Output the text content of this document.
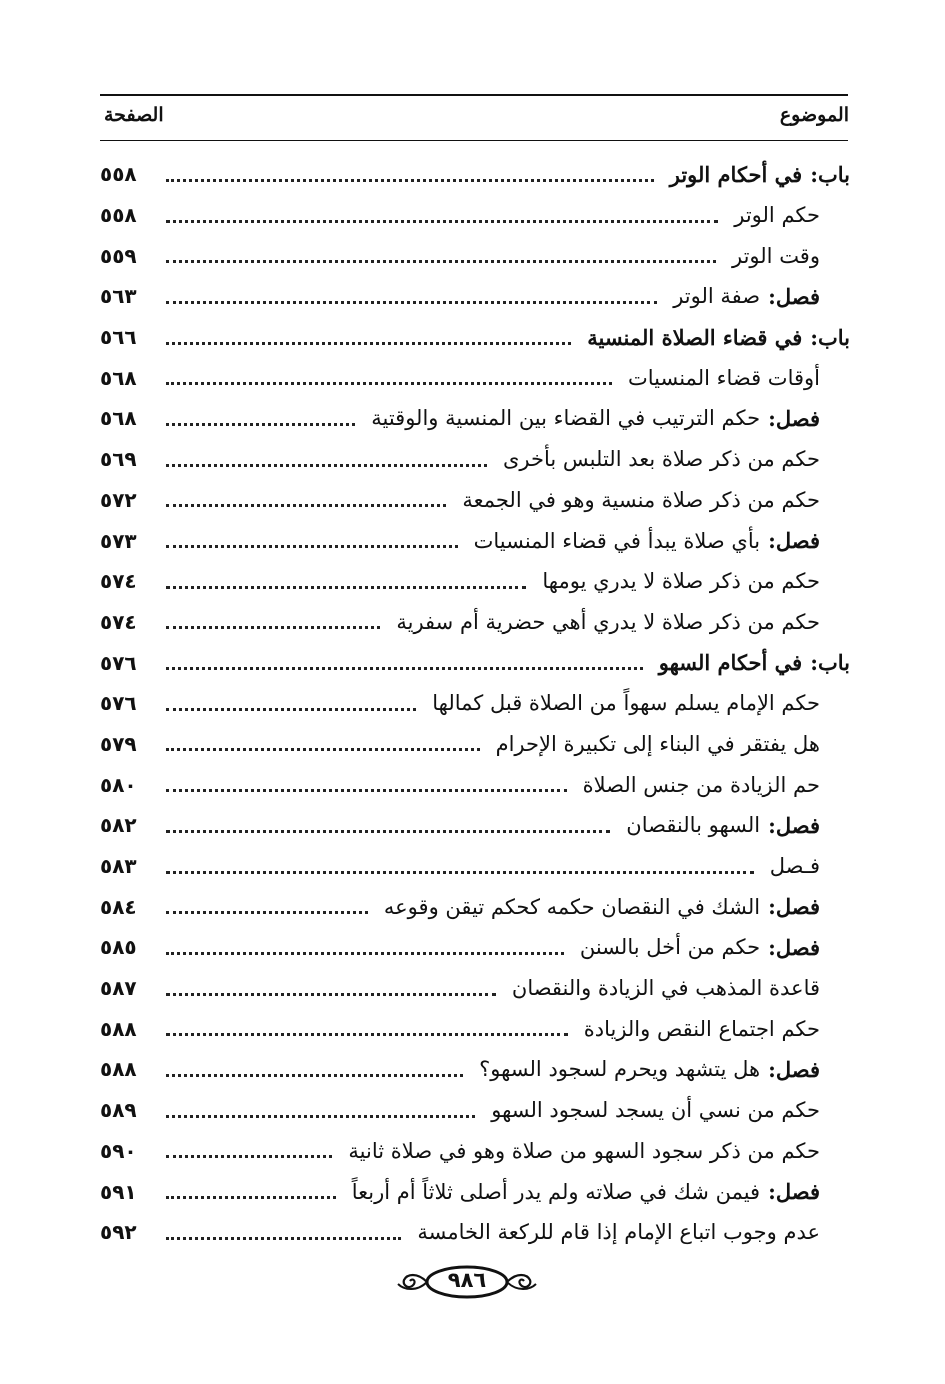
الموضوع
الصفحة
باب:
في أحكام الوتر
٥٥٨
حكم الوتر
٥٥٨
وقت الوتر
٥٥٩
فصل:
صفة الوتر
٥٦٣
باب:
في قضاء الصلاة المنسية
٥٦٦
أوقات قضاء المنسيات
٥٦٨
فصل:
حكم الترتيب في القضاء بين المنسية والوقتية
٥٦٨
حكم من ذكر صلاة بعد التلبس بأخرى
٥٦٩
حكم من ذكر صلاة منسية وهو في الجمعة
٥٧٢
فصل:
بأي صلاة يبدأ في قضاء المنسيات
٥٧٣
حكم من ذكر صلاة لا يدري يومها
٥٧٤
حكم من ذكر صلاة لا يدري أهي حضرية أم سفرية
٥٧٤
باب:
في أحكام السهو
٥٧٦
حكم الإمام يسلم سهواً من الصلاة قبل كمالها
٥٧٦
هل يفتقر في البناء إلى تكبيرة الإحرام
٥٧٩
حم الزيادة من جنس الصلاة
٥٨٠
فصل:
السهو بالنقصان
٥٨٢
فـصل
٥٨٣
فصل:
الشك في النقصان حكمه كحكم تيقن وقوعه
٥٨٤
فصل:
حكم من أخل بالسنن
٥٨٥
قاعدة المذهب في الزيادة والنقصان
٥٨٧
حكم اجتماع النقص والزيادة
٥٨٨
فصل:
هل يتشهد ويحرم لسجود السهو؟
٥٨٨
حكم من نسي أن يسجد لسجود السهو
٥٨٩
حكم من ذكر سجود السهو من صلاة وهو في صلاة ثانية
٥٩٠
فصل:
فيمن شك في صلاته ولم يدر أصلى ثلاثاً أم أربعاً
٥٩١
عدم وجوب اتباع الإمام إذا قام للركعة الخامسة
٥٩٢
٩٨٦
